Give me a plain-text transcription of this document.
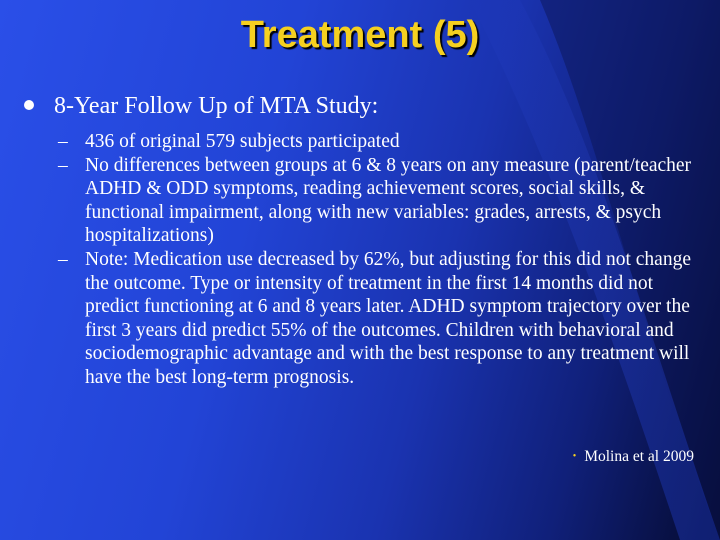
Treatment (5)
8-Year Follow Up of MTA Study:
– 436 of original 579 subjects participated
– No differences between groups at 6 & 8 years on any measure (parent/teacher ADHD & ODD symptoms, reading achievement scores, social skills, & functional impairment, along with new variables: grades, arrests, & psych hospitalizations)
– Note: Medication use decreased by 62%, but adjusting for this did not change the outcome. Type or intensity of treatment in the first 14 months did not predict functioning at 6 and 8 years later. ADHD symptom trajectory over the first 3 years did predict 55% of the outcomes. Children with behavioral and sociodemographic advantage and with the best response to any treatment will have the best long-term prognosis.
• Molina et al 2009
